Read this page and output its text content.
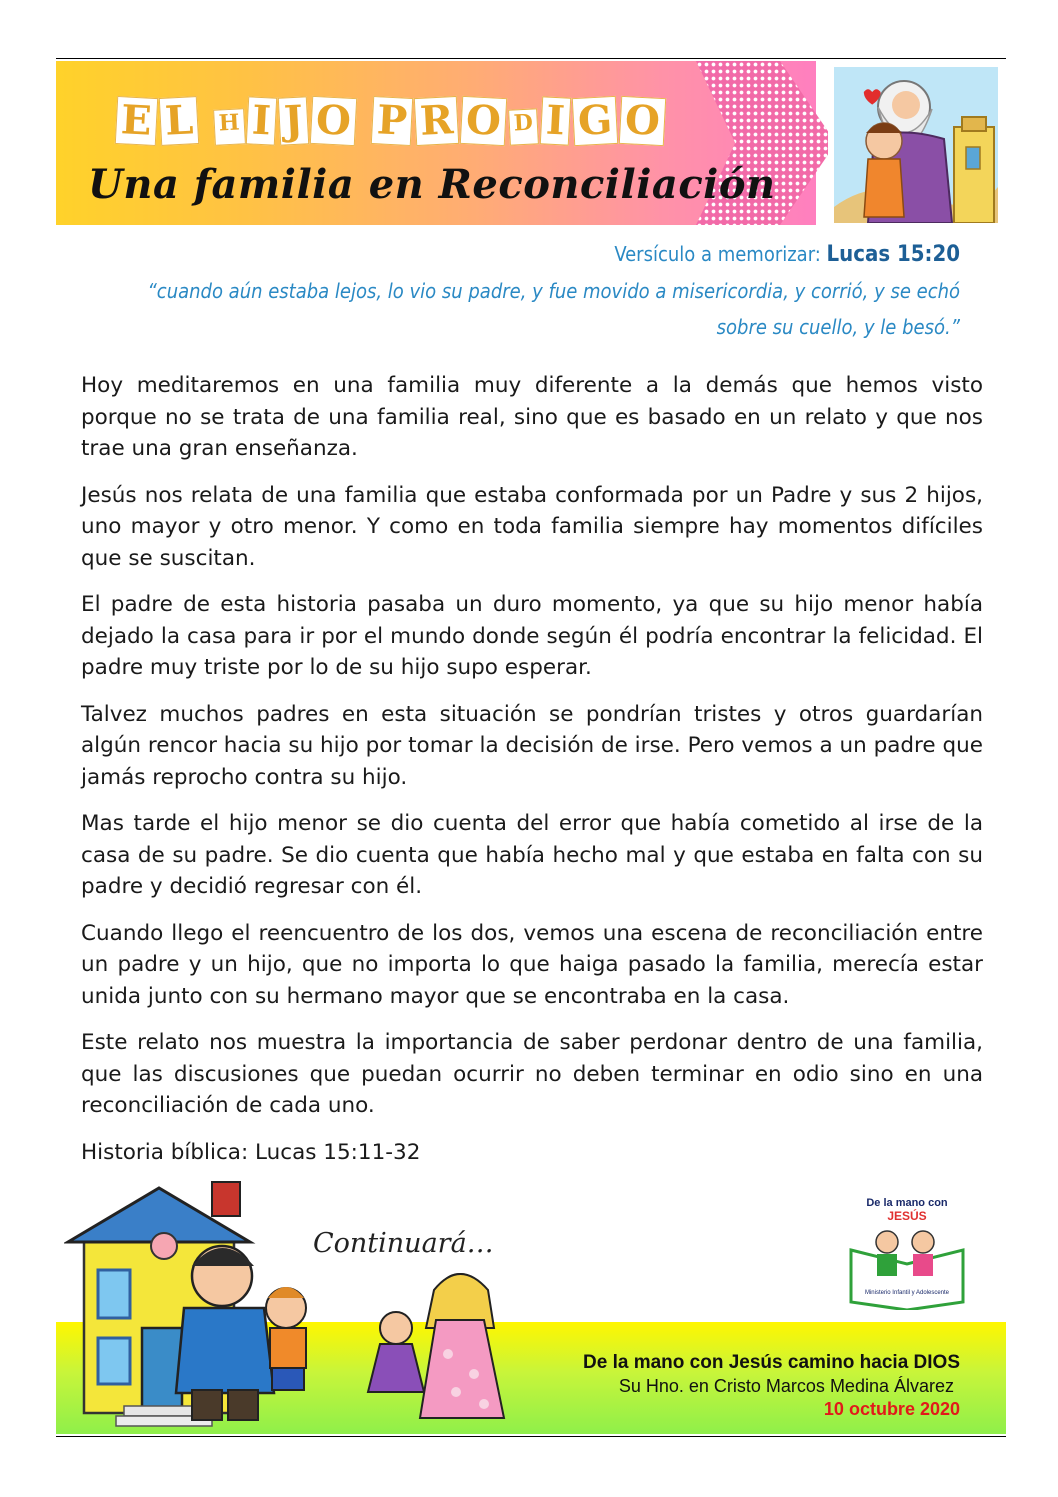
E L H I J O P R O D I G O
Una familia en Reconciliación
Versículo a memorizar: Lucas 15:20
“cuando aún estaba lejos, lo vio su padre, y fue movido a misericordia, y corrió, y se echó
sobre su cuello, y le besó.”

Hoy meditaremos en una familia muy diferente a la demás que hemos visto porque no se trata de una familia real, sino que es basado en un relato y que nos trae una gran enseñanza.

Jesús nos relata de una familia que estaba conformada por un Padre y sus 2 hijos, uno mayor y otro menor. Y como en toda familia siempre hay momentos difíciles que se suscitan.

El padre de esta historia pasaba un duro momento, ya que su hijo menor había dejado la casa para ir por el mundo donde según él podría encontrar la felicidad. El padre muy triste por lo de su hijo supo esperar.

Talvez muchos padres en esta situación se pondrían tristes y otros guardarían algún rencor hacia su hijo por tomar la decisión de irse. Pero vemos a un padre que jamás reprocho contra su hijo.

Mas tarde el hijo menor se dio cuenta del error que había cometido al irse de la casa de su padre. Se dio cuenta que había hecho mal y que estaba en falta con su padre y decidió regresar con él.

Cuando llego el reencuentro de los dos, vemos una escena de reconciliación entre un padre y un hijo, que no importa lo que haiga pasado la familia, merecía estar unida junto con su hermano mayor que se encontraba en la casa.

Este relato nos muestra la importancia de saber perdonar dentro de una familia, que las discusiones que puedan ocurrir no deben terminar en odio sino en una reconciliación de cada uno.

Historia bíblica: Lucas 15:11-32

Continuará…
De la mano con
JESÚS
Ministerio Infantil y Adolescente
De la mano con Jesús camino hacia DIOS
Su Hno. en Cristo Marcos Medina Álvarez
10 octubre 2020
